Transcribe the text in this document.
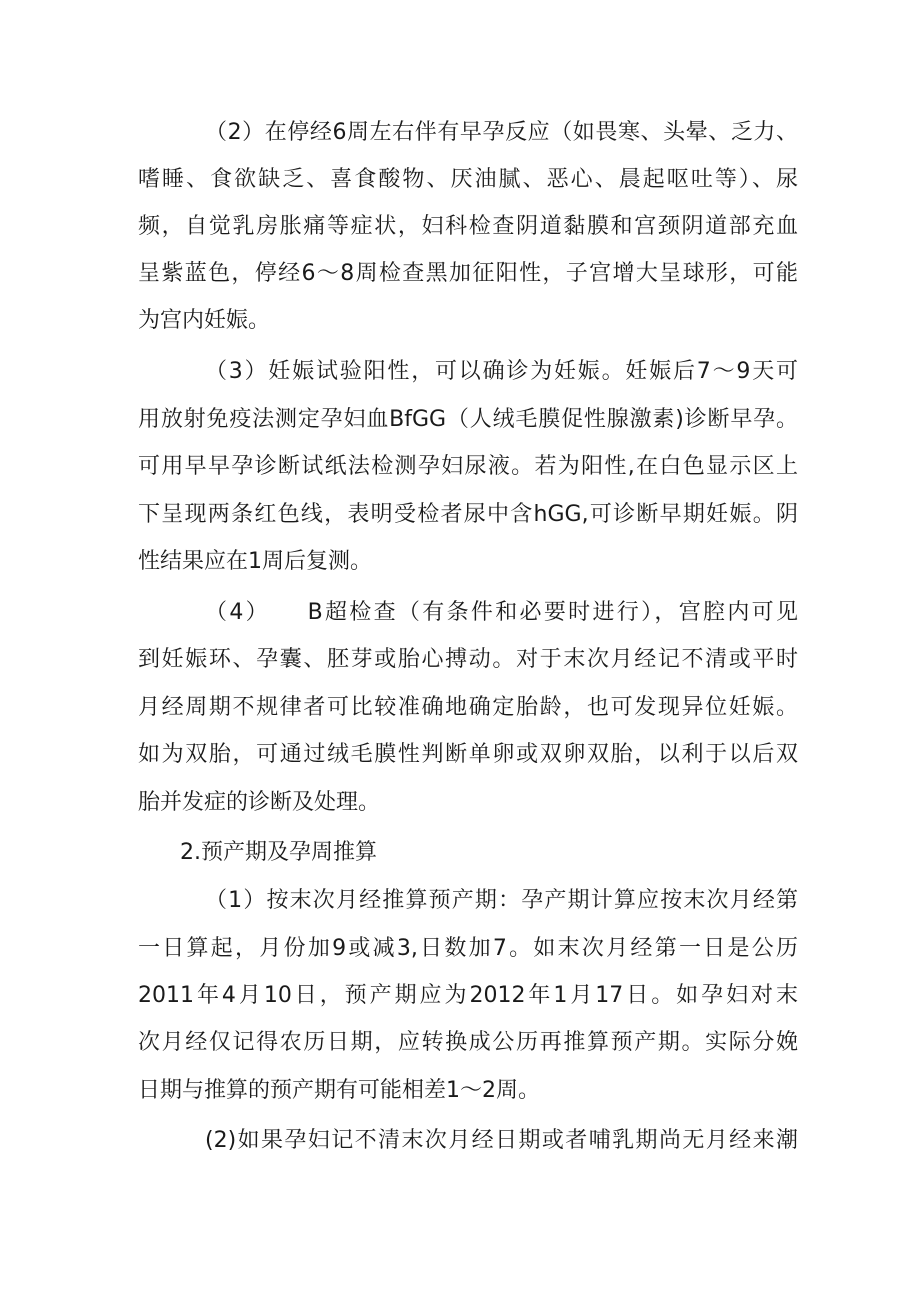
（2）在停经6周左右伴有早孕反应（如畏寒、头晕、乏力、

嗜睡、食欲缺乏、喜食酸物、厌油腻、恶心、晨起呕吐等）、尿

频，自觉乳房胀痛等症状，妇科检查阴道黏膜和宫颈阴道部充血

呈紫蓝色，停经6～8周检查黑加征阳性，子宫增大呈球形，可能

为宫内妊娠。

（3）妊娠试验阳性，可以确诊为妊娠。妊娠后7～9天可

用放射免疫法测定孕妇血BfGG（人绒毛膜促性腺激素)诊断早孕。

可用早早孕诊断试纸法检测孕妇尿液。若为阳性,在白色显示区上

下呈现两条红色线，表明受检者尿中含hGG,可诊断早期妊娠。阴

性结果应在1周后复测。

（4）　　B超检查（有条件和必要时进行），宫腔内可见

到妊娠环、孕囊、胚芽或胎心搏动。对于末次月经记不清或平时

月经周期不规律者可比较准确地确定胎龄，也可发现异位妊娠。

如为双胎，可通过绒毛膜性判断单卵或双卵双胎，以利于以后双

胎并发症的诊断及处理。

2.预产期及孕周推算

（1）按末次月经推算预产期：孕产期计算应按末次月经第

一日算起，月份加9或减3,日数加7。如末次月经第一日是公历

2011年4月10日，预产期应为2012年1月17日。如孕妇对末

次月经仅记得农历日期，应转换成公历再推算预产期。实际分娩

日期与推算的预产期有可能相差1～2周。

(2)如果孕妇记不清末次月经日期或者哺乳期尚无月经来潮
